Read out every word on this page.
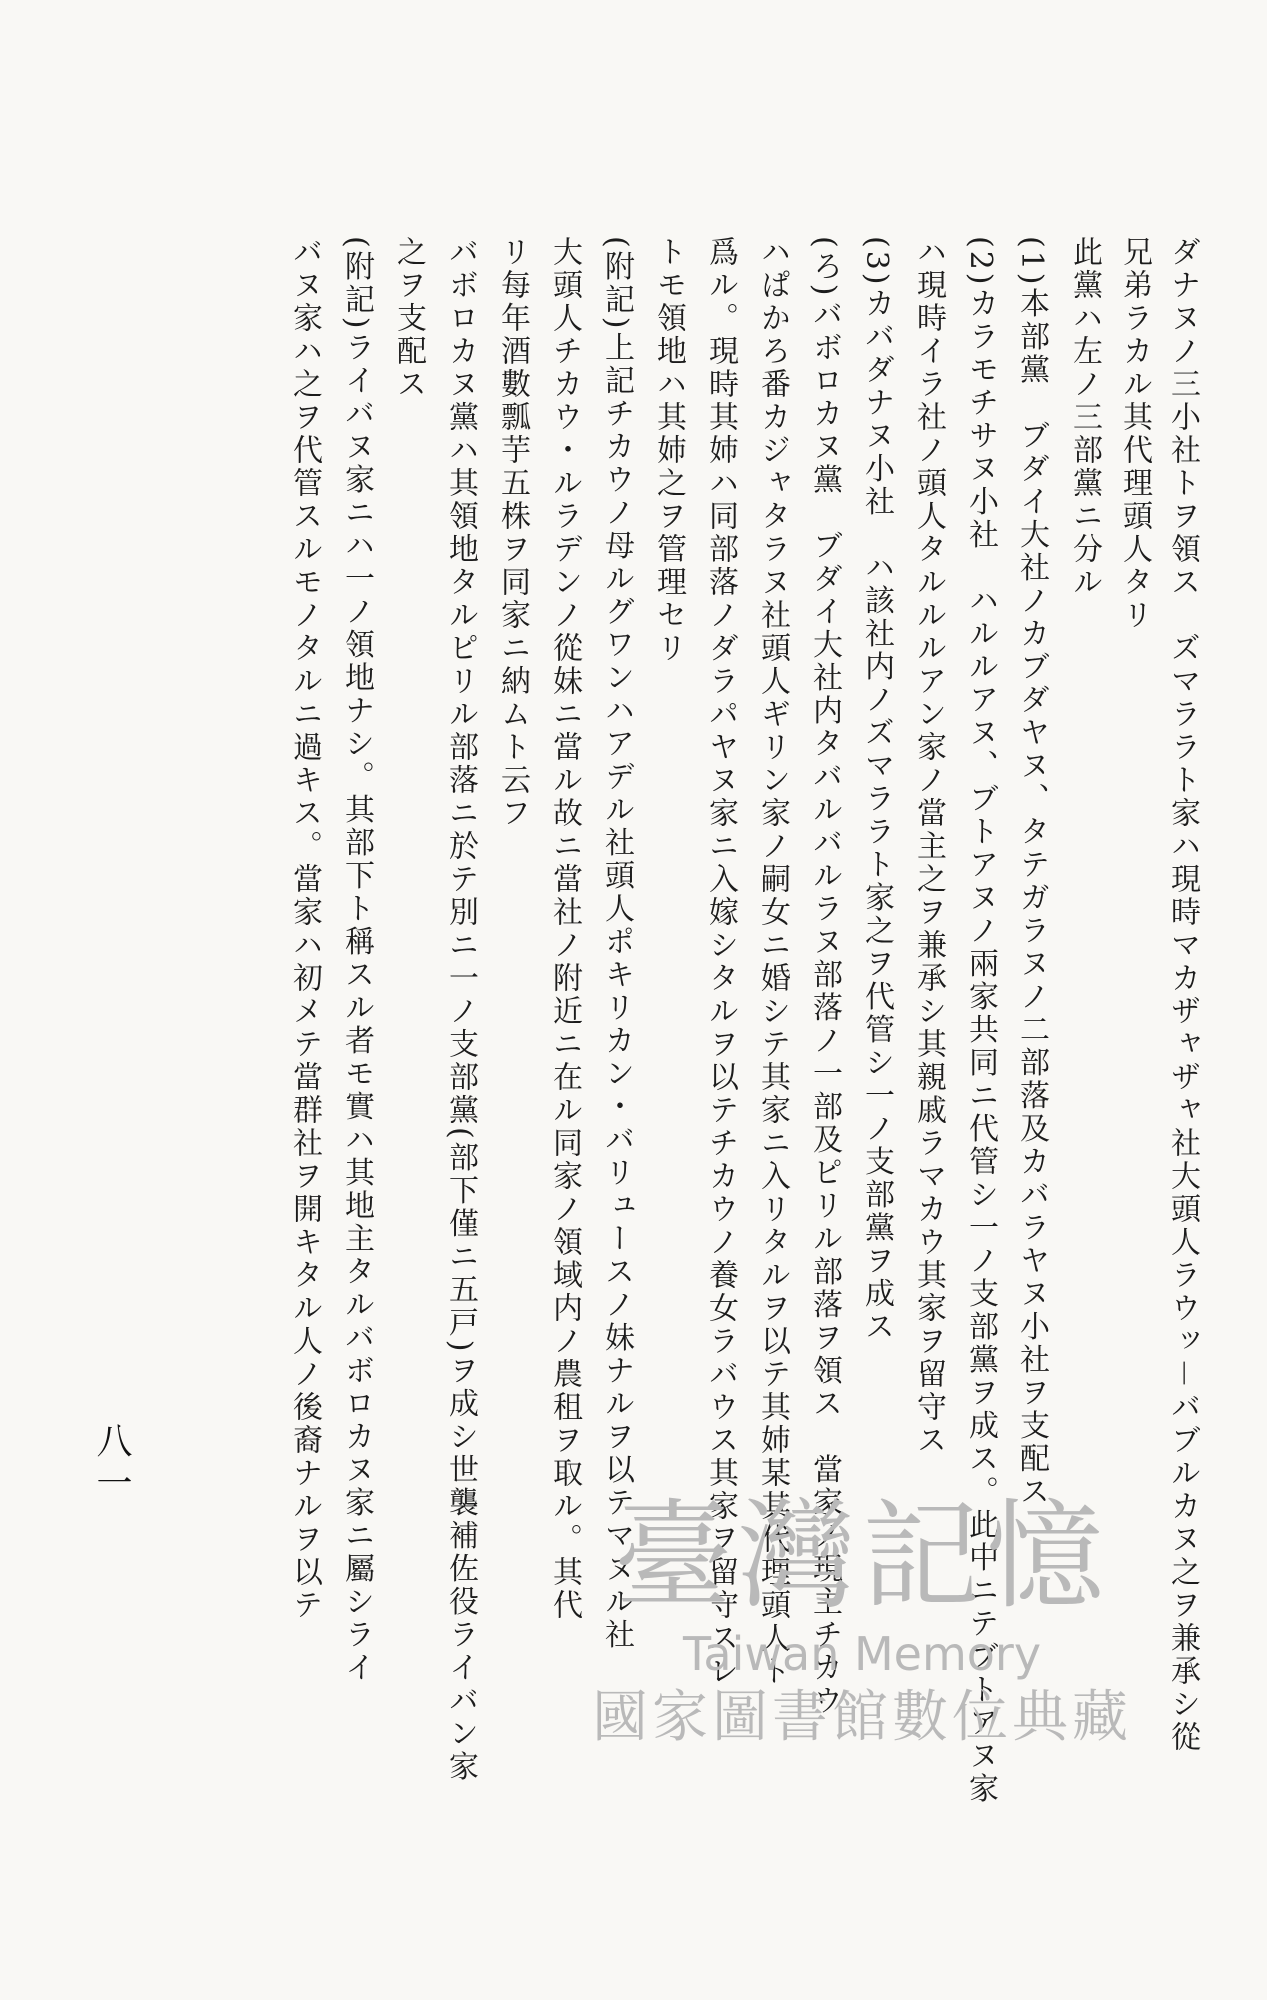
ダナヌノ三小社トヲ領ス　ズマララト家ハ現時マカザャザャ社大頭人ラウッ－バブルカヌ之ヲ兼承シ從
兄弟ラカル其代理頭人タリ
此黨ハ左ノ三部黨ニ分ル
(1)本部黨　ブダイ大社ノカブダヤヌ、タテガラヌノ二部落及カバラヤヌ小社ヲ支配ス
(2)カラモチサヌ小社　ハルルアヌ、ブトアヌノ兩家共同ニ代管シ一ノ支部黨ヲ成ス。此中ニテブトアヌ家
ハ現時イラ社ノ頭人タルルルアン家ノ當主之ヲ兼承シ其親戚ラマカウ其家ヲ留守ス
(3)カバダナヌ小社　ハ該社内ノズマララト家之ヲ代管シ一ノ支部黨ヲ成ス
(ろ)バボロカヌ黨　ブダイ大社内タバルバルラヌ部落ノ一部及ピリル部落ヲ領ス　當家ノ現主チカウ
ハぱかろ番カジャタラヌ社頭人ギリン家ノ嗣女ニ婚シテ其家ニ入リタルヲ以テ其姉某其代理頭人ト
爲ル。現時其姉ハ同部落ノダラパヤヌ家ニ入嫁シタルヲ以テチカウノ養女ラバウス其家ヲ留守スレ
トモ領地ハ其姉之ヲ管理セリ
(附記)上記チカウノ母ルグワンハアデル社頭人ポキリカン・バリュースノ妹ナルヲ以テマヌル社
大頭人チカウ・ルラデンノ從妹ニ當ル故ニ當社ノ附近ニ在ル同家ノ領域内ノ農租ヲ取ル。其代
リ每年酒數瓢芋五株ヲ同家ニ納ムト云フ
バボロカヌ黨ハ其領地タルピリル部落ニ於テ別ニ一ノ支部黨(部下僅ニ五戸)ヲ成シ世襲補佐役ライバン家
之ヲ支配ス
(附記)ライバヌ家ニハ一ノ領地ナシ。其部下ト稱スル者モ實ハ其地主タルバボロカヌ家ニ屬シライ
バヌ家ハ之ヲ代管スルモノタルニ過キス。當家ハ初メテ當群社ヲ開キタル人ノ後裔ナルヲ以テ
八一
臺灣記憶
Taiwan Memory
國家圖書館數位典藏
